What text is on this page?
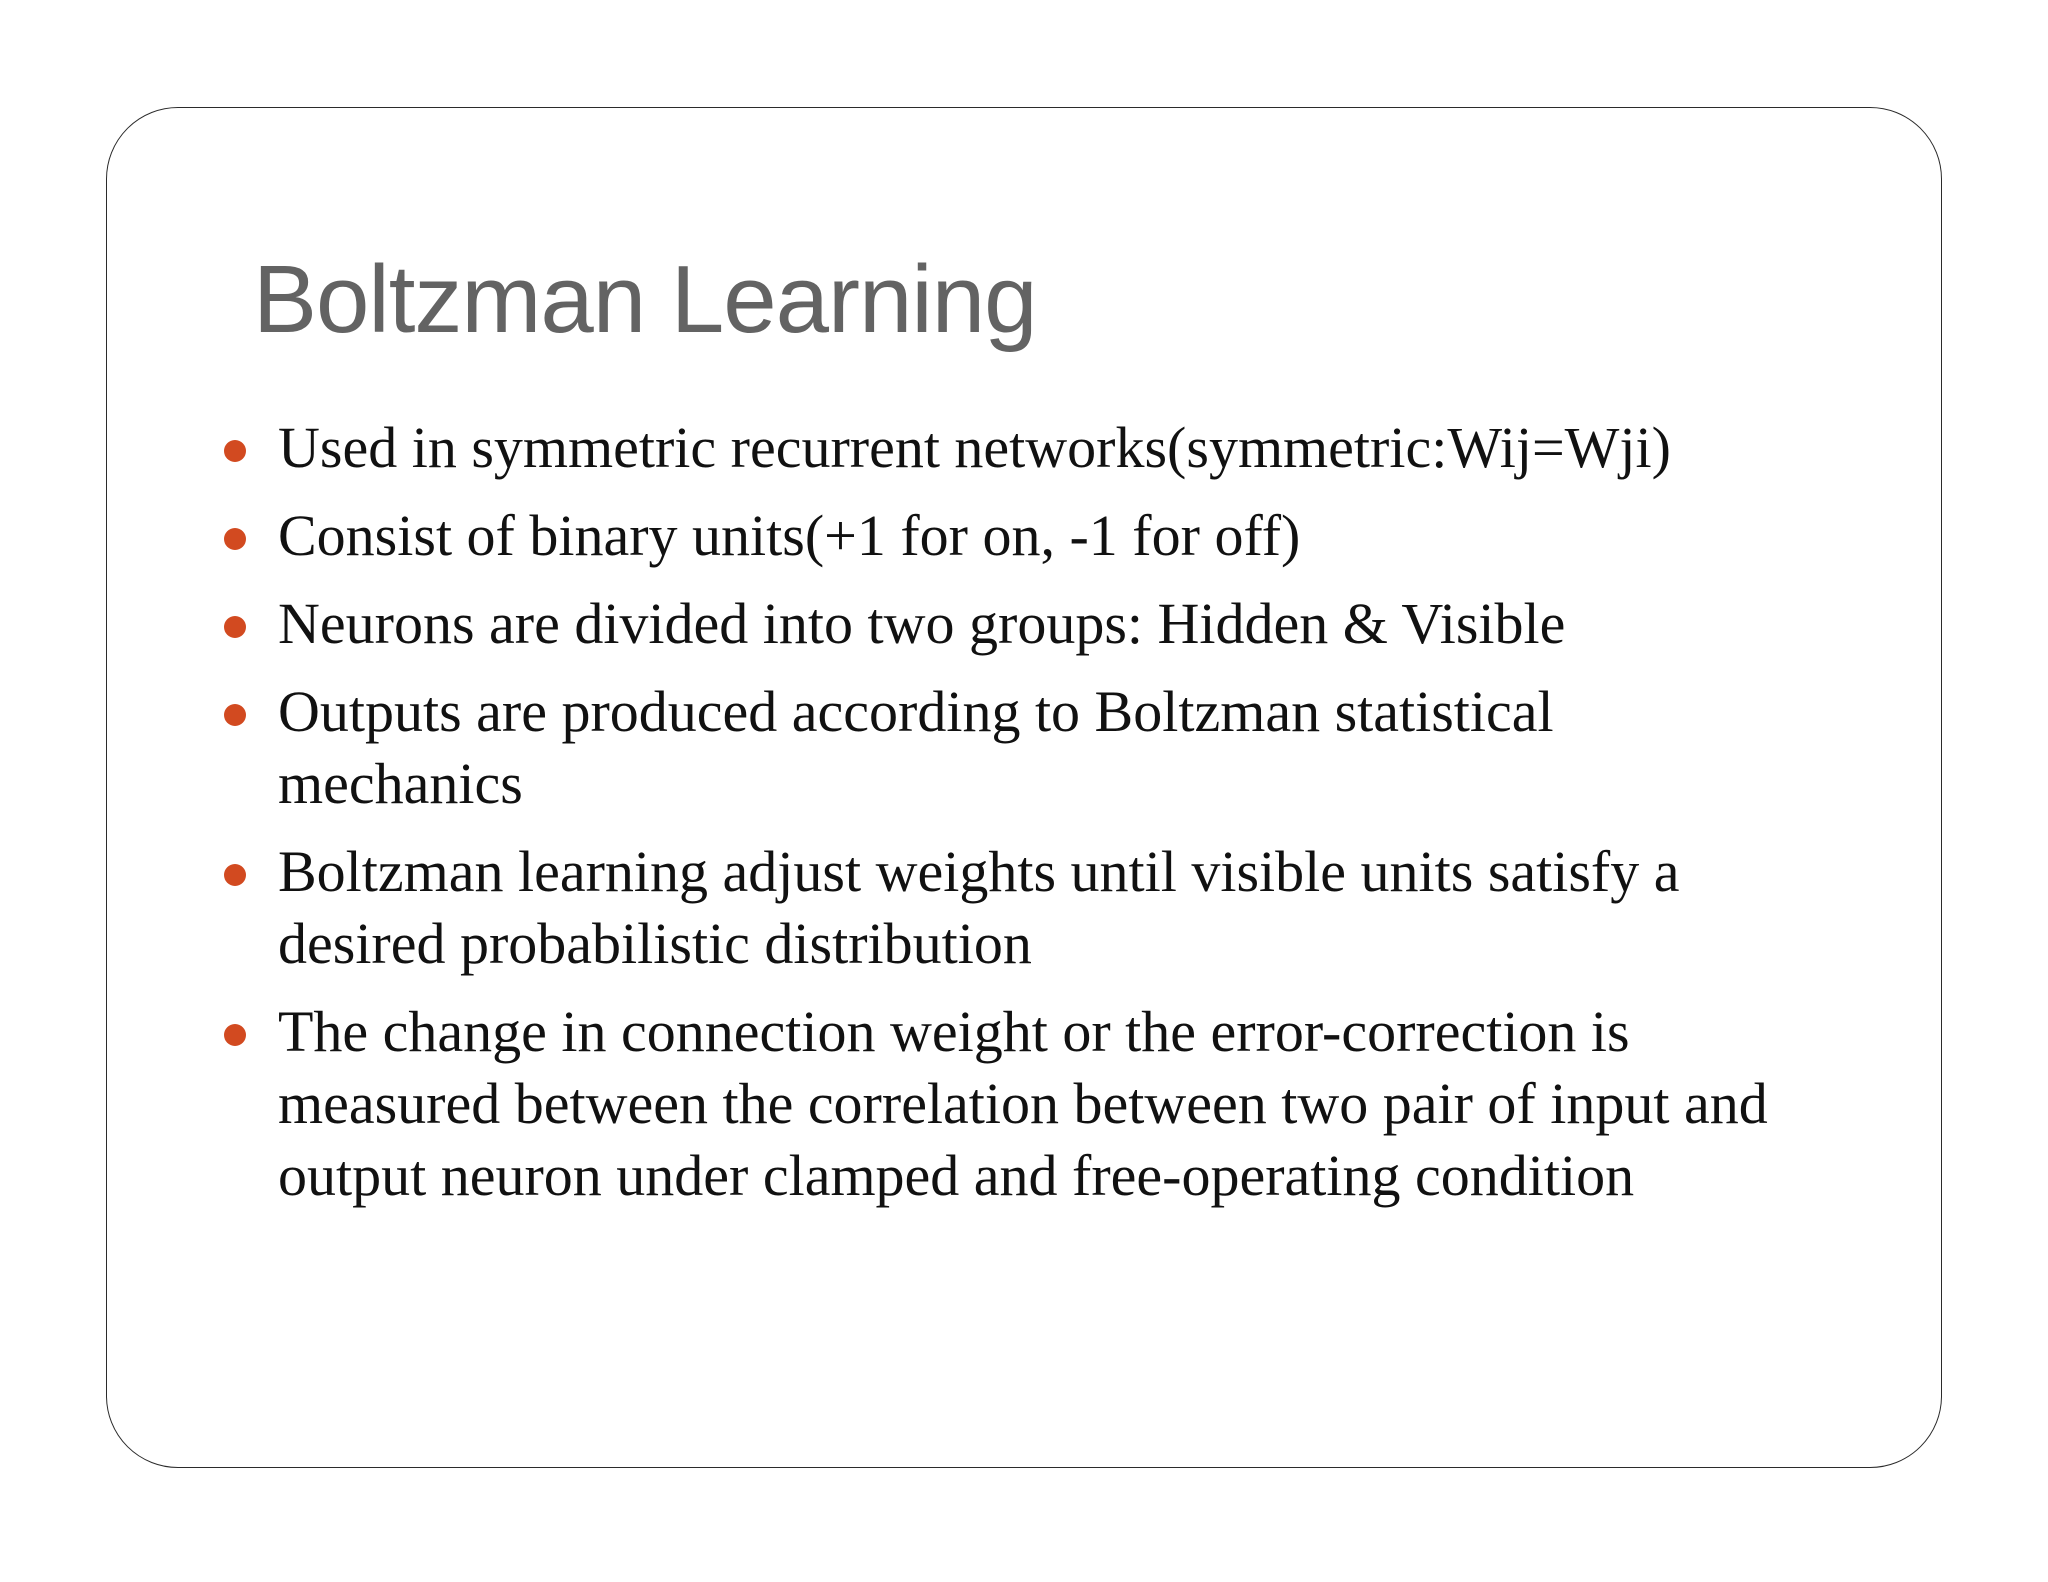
Boltzman Learning
Used in symmetric recurrent networks(symmetric:Wij=Wji)
Consist of binary units(+1 for on, -1 for off)
Neurons are divided into two groups: Hidden & Visible
Outputs are produced according to Boltzman statistical mechanics
Boltzman learning adjust weights until visible units satisfy a desired probabilistic distribution
The change in connection weight or the error-correction is measured between the correlation between two pair of input and output neuron under clamped and free-operating condition
